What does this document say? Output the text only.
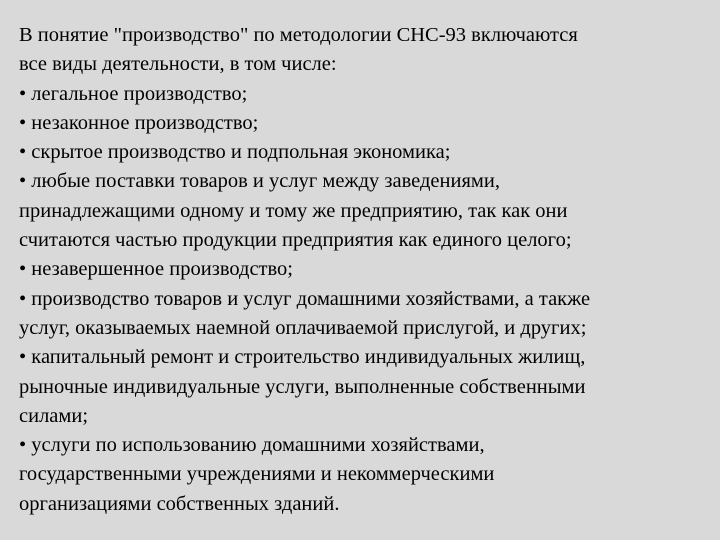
В понятие "производство" по методологии СНС-93 включаются
все виды деятельности, в том числе:
• легальное производство;
• незаконное производство;
• скрытое производство и подпольная экономика;
• любые поставки товаров и услуг между заведениями,
принадлежащими одному и тому же предприятию, так как они
считаются частью продукции предприятия как единого целого;
• незавершенное производство;
• производство товаров и услуг домашними хозяйствами, а также
услуг, оказываемых наемной оплачиваемой прислугой, и других;
• капитальный ремонт и строительство индивидуальных жилищ,
рыночные индивидуальные услуги, выполненные собственными
силами;
• услуги по использованию домашними хозяйствами,
государственными учреждениями и некоммерческими
организациями собственных зданий.
